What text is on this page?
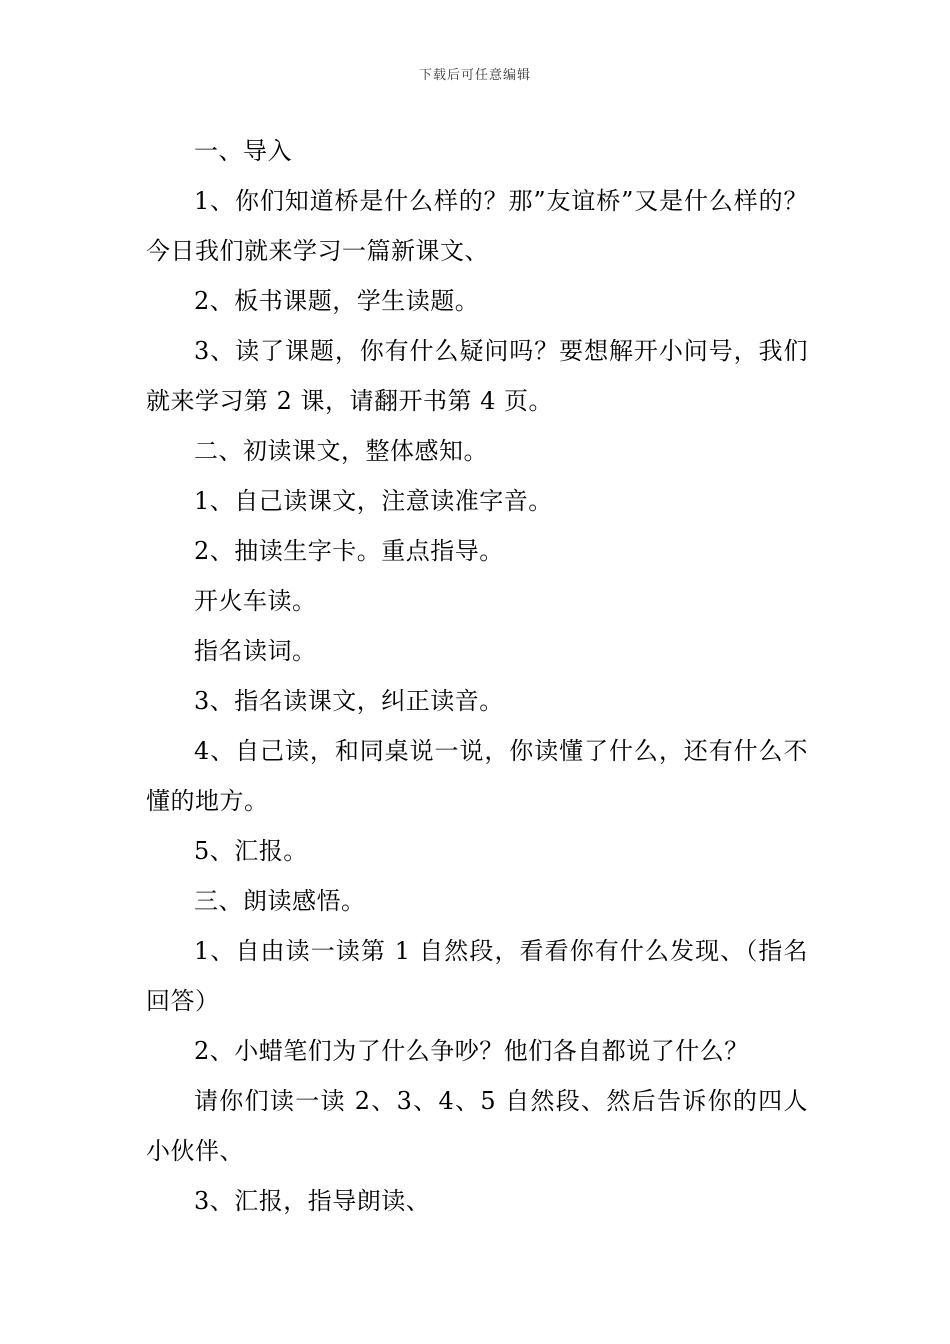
下载后可任意编辑

一、导入

1、你们知道桥是什么样的？那”友谊桥”又是什么样的？今日我们就来学习一篇新课文、

2、板书课题，学生读题。

3、读了课题，你有什么疑问吗？要想解开小问号，我们就来学习第 2 课，请翻开书第 4 页。

二、初读课文，整体感知。

1、自己读课文，注意读准字音。

2、抽读生字卡。重点指导。

开火车读。

指名读词。

3、指名读课文，纠正读音。

4、自己读，和同桌说一说，你读懂了什么，还有什么不懂的地方。

5、汇报。

三、朗读感悟。

1、自由读一读第 1 自然段，看看你有什么发现、（指名回答）

2、小蜡笔们为了什么争吵？他们各自都说了什么？

请你们读一读 2、3、4、5 自然段、然后告诉你的四人小伙伴、

3、汇报，指导朗读、
